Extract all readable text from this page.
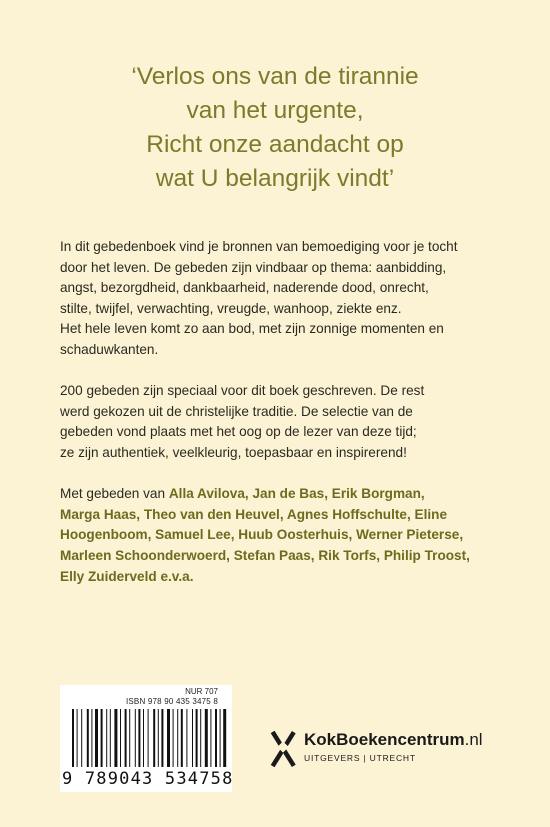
‘Verlos ons van de tirannie
van het urgente,
Richt onze aandacht op
wat U belangrijk vindt’

In dit gebedenboek vind je bronnen van bemoediging voor je tocht
door het leven. De gebeden zijn vindbaar op thema: aanbidding,
angst, bezorgdheid, dankbaarheid, naderende dood, onrecht,
stilte, twijfel, verwachting, vreugde, wanhoop, ziekte enz.
Het hele leven komt zo aan bod, met zijn zonnige momenten en
schaduwkanten.

200 gebeden zijn speciaal voor dit boek geschreven. De rest
werd gekozen uit de christelijke traditie. De selectie van de
gebeden vond plaats met het oog op de lezer van deze tijd;
ze zijn authentiek, veelkleurig, toepasbaar en inspirerend!

Met gebeden van Alla Avilova, Jan de Bas, Erik Borgman,
Marga Haas, Theo van den Heuvel, Agnes Hoffschulte, Eline
Hoogenboom, Samuel Lee, Huub Oosterhuis, Werner Pieterse,
Marleen Schoonderwoerd, Stefan Paas, Rik Torfs, Philip Troost,
Elly Zuiderveld e.v.a.

NUR 707
ISBN 978 90 435 3475 8
9 789043 534758
KokBoekencentrum.nl
UITGEVERS | UTRECHT
